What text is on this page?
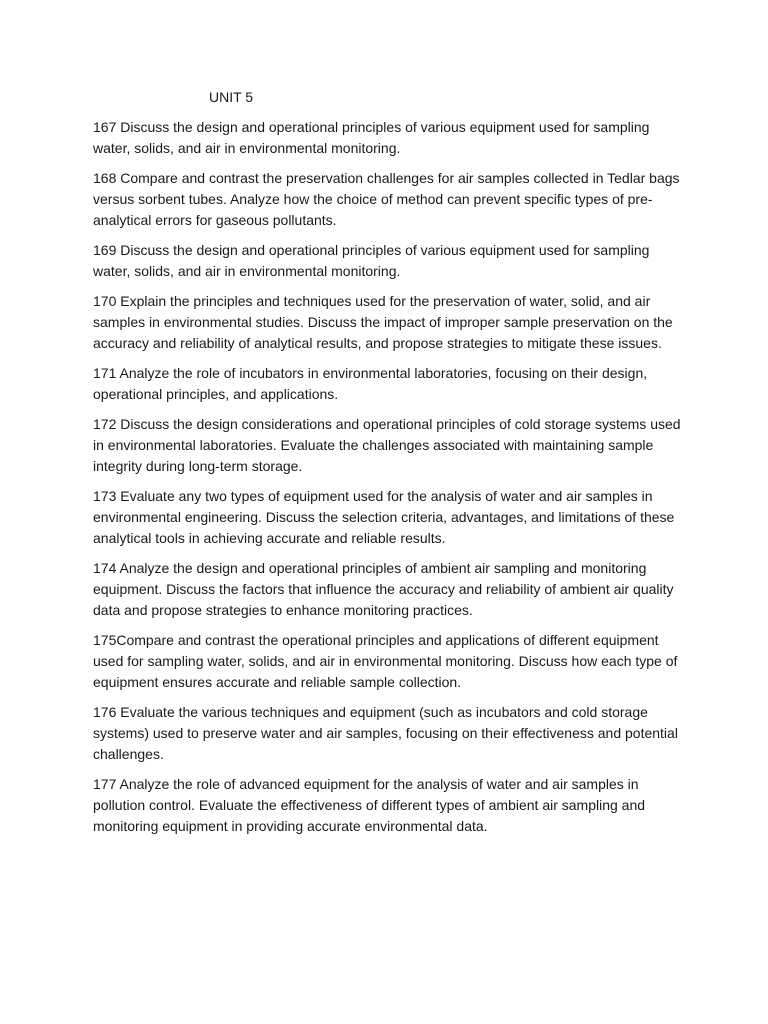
UNIT 5
167 Discuss the design and operational principles of various equipment used for sampling water, solids, and air in environmental monitoring.
168 Compare and contrast the preservation challenges for air samples collected in Tedlar bags versus sorbent tubes. Analyze how the choice of method can prevent specific types of pre-analytical errors for gaseous pollutants.
169 Discuss the design and operational principles of various equipment used for sampling water, solids, and air in environmental monitoring.
170 Explain the principles and techniques used for the preservation of water, solid, and air samples in environmental studies. Discuss the impact of improper sample preservation on the accuracy and reliability of analytical results, and propose strategies to mitigate these issues.
171 Analyze the role of incubators in environmental laboratories, focusing on their design, operational principles, and applications.
172 Discuss the design considerations and operational principles of cold storage systems used in environmental laboratories. Evaluate the challenges associated with maintaining sample integrity during long-term storage.
173 Evaluate any two types of equipment used for the analysis of water and air samples in environmental engineering. Discuss the selection criteria, advantages, and limitations of these analytical tools in achieving accurate and reliable results.
174 Analyze the design and operational principles of ambient air sampling and monitoring equipment. Discuss the factors that influence the accuracy and reliability of ambient air quality data and propose strategies to enhance monitoring practices.
175Compare and contrast the operational principles and applications of different equipment used for sampling water, solids, and air in environmental monitoring. Discuss how each type of equipment ensures accurate and reliable sample collection.
176 Evaluate the various techniques and equipment (such as incubators and cold storage systems) used to preserve water and air samples, focusing on their effectiveness and potential challenges.
177 Analyze the role of advanced equipment for the analysis of water and air samples in pollution control. Evaluate the effectiveness of different types of ambient air sampling and monitoring equipment in providing accurate environmental data.
